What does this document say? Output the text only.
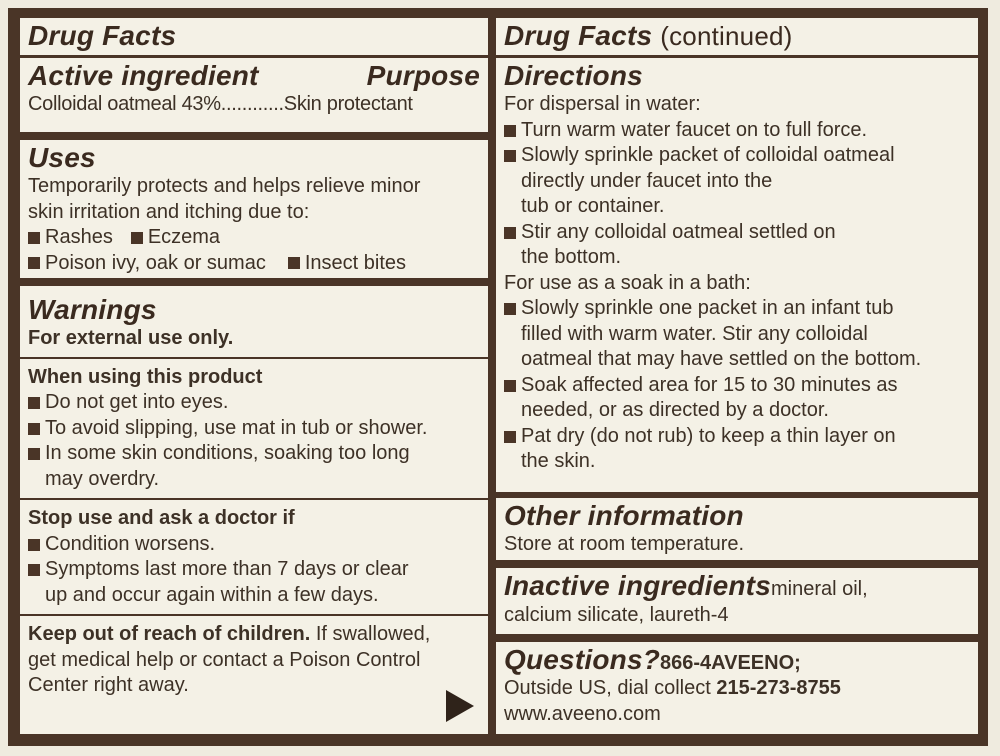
Drug Facts
Active ingredient	Purpose
Colloidal oatmeal 43%............Skin protectant
Uses
Temporarily protects and helps relieve minor
skin irritation and itching due to:
Rashes Eczema
Poison ivy, oak or sumac Insect bites
Warnings
For external use only.
When using this product
Do not get into eyes.
To avoid slipping, use mat in tub or shower.
In some skin conditions, soaking too long
may overdry.
Stop use and ask a doctor if
Condition worsens.
Symptoms last more than 7 days or clear
up and occur again within a few days.
Keep out of reach of children. If swallowed,
get medical help or contact a Poison Control
Center right away.
Drug Facts (continued)
Directions
For dispersal in water:
Turn warm water faucet on to full force.
Slowly sprinkle packet of colloidal oatmeal
directly under faucet into the
tub or container.
Stir any colloidal oatmeal settled on
the bottom.
For use as a soak in a bath:
Slowly sprinkle one packet in an infant tub
filled with warm water. Stir any colloidal
oatmeal that may have settled on the bottom.
Soak affected area for 15 to 30 minutes as
needed, or as directed by a doctor.
Pat dry (do not rub) to keep a thin layer on
the skin.
Other information
Store at room temperature.
Inactive ingredients mineral oil,
calcium silicate, laureth-4
Questions? 866-4AVEENO;
Outside US, dial collect 215-273-8755
www.aveeno.com
